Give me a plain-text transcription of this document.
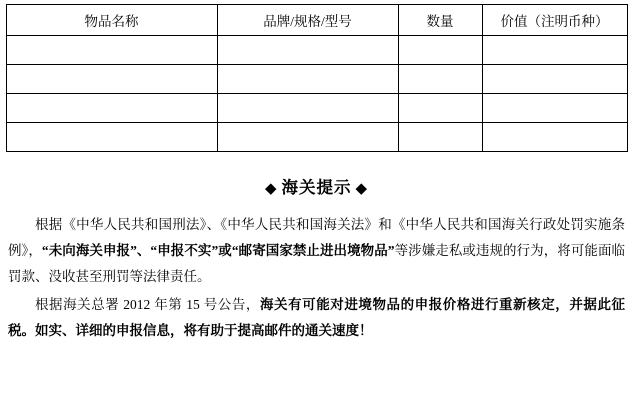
物品名称	品牌/规格/型号	数量	价值（注明币种）

◆ 海关提示 ◆

根据《中华人民共和国刑法》、《中华人民共和国海关法》和《中华人民共和国海关行政处罚实施条例》，“未向海关申报”、“申报不实”或“邮寄国家禁止进出境物品”等涉嫌走私或违规的行为，将可能面临罚款、没收甚至刑罚等法律责任。

根据海关总署 2012 年第 15 号公告，海关有可能对进境物品的申报价格进行重新核定，并据此征税。如实、详细的申报信息，将有助于提高邮件的通关速度！
